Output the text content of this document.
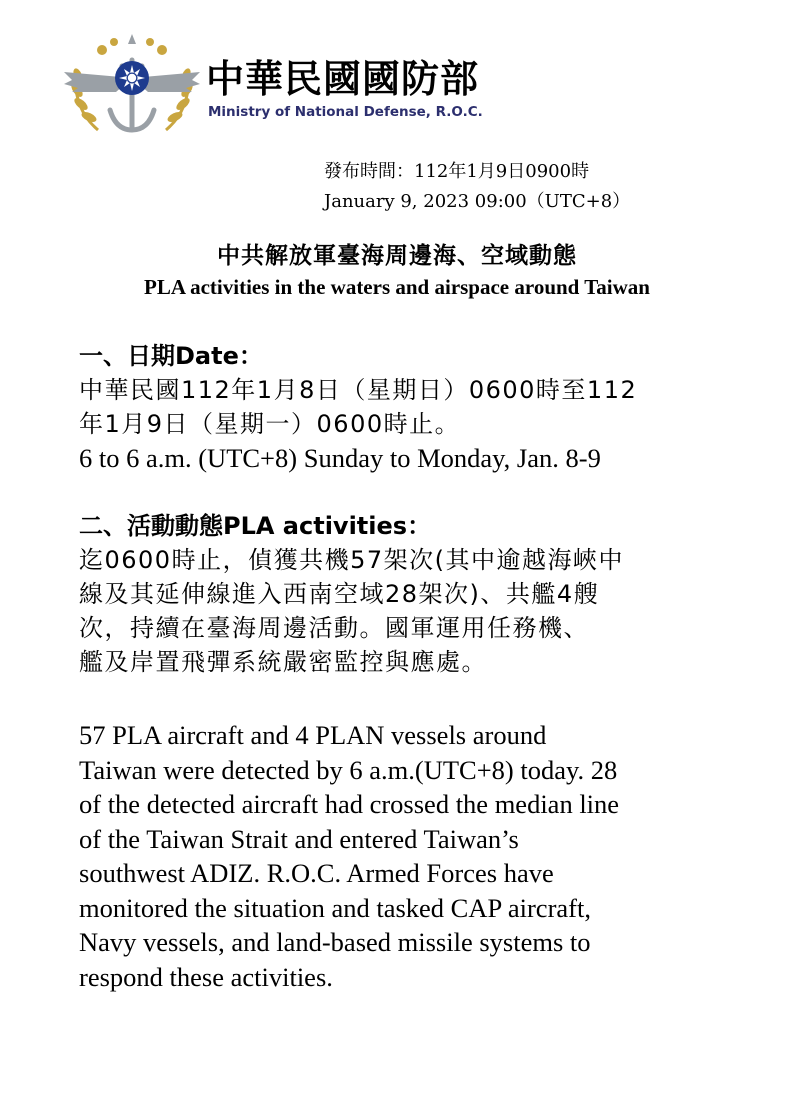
中華民國國防部
Ministry of National Defense, R.O.C.
發布時間：112年1月9日0900時
January 9, 2023 09:00（UTC+8）
中共解放軍臺海周邊海、空域動態
PLA activities in the waters and airspace around Taiwan
一、日期Date：
中華民國112年1月8日（星期日）0600時至112
年1月9日（星期一）0600時止。
6 to 6 a.m. (UTC+8) Sunday to Monday, Jan. 8-9
二、活動動態PLA activities：
迄0600時止，偵獲共機57架次(其中逾越海峽中
線及其延伸線進入西南空域28架次)、共艦4艘
次，持續在臺海周邊活動。國軍運用任務機、
艦及岸置飛彈系統嚴密監控與應處。
57 PLA aircraft and 4 PLAN vessels around
Taiwan were detected by 6 a.m.(UTC+8) today. 28
of the detected aircraft had crossed the median line
of the Taiwan Strait and entered Taiwan’s
southwest ADIZ. R.O.C. Armed Forces have
monitored the situation and tasked CAP aircraft,
Navy vessels, and land-based missile systems to
respond these activities.
